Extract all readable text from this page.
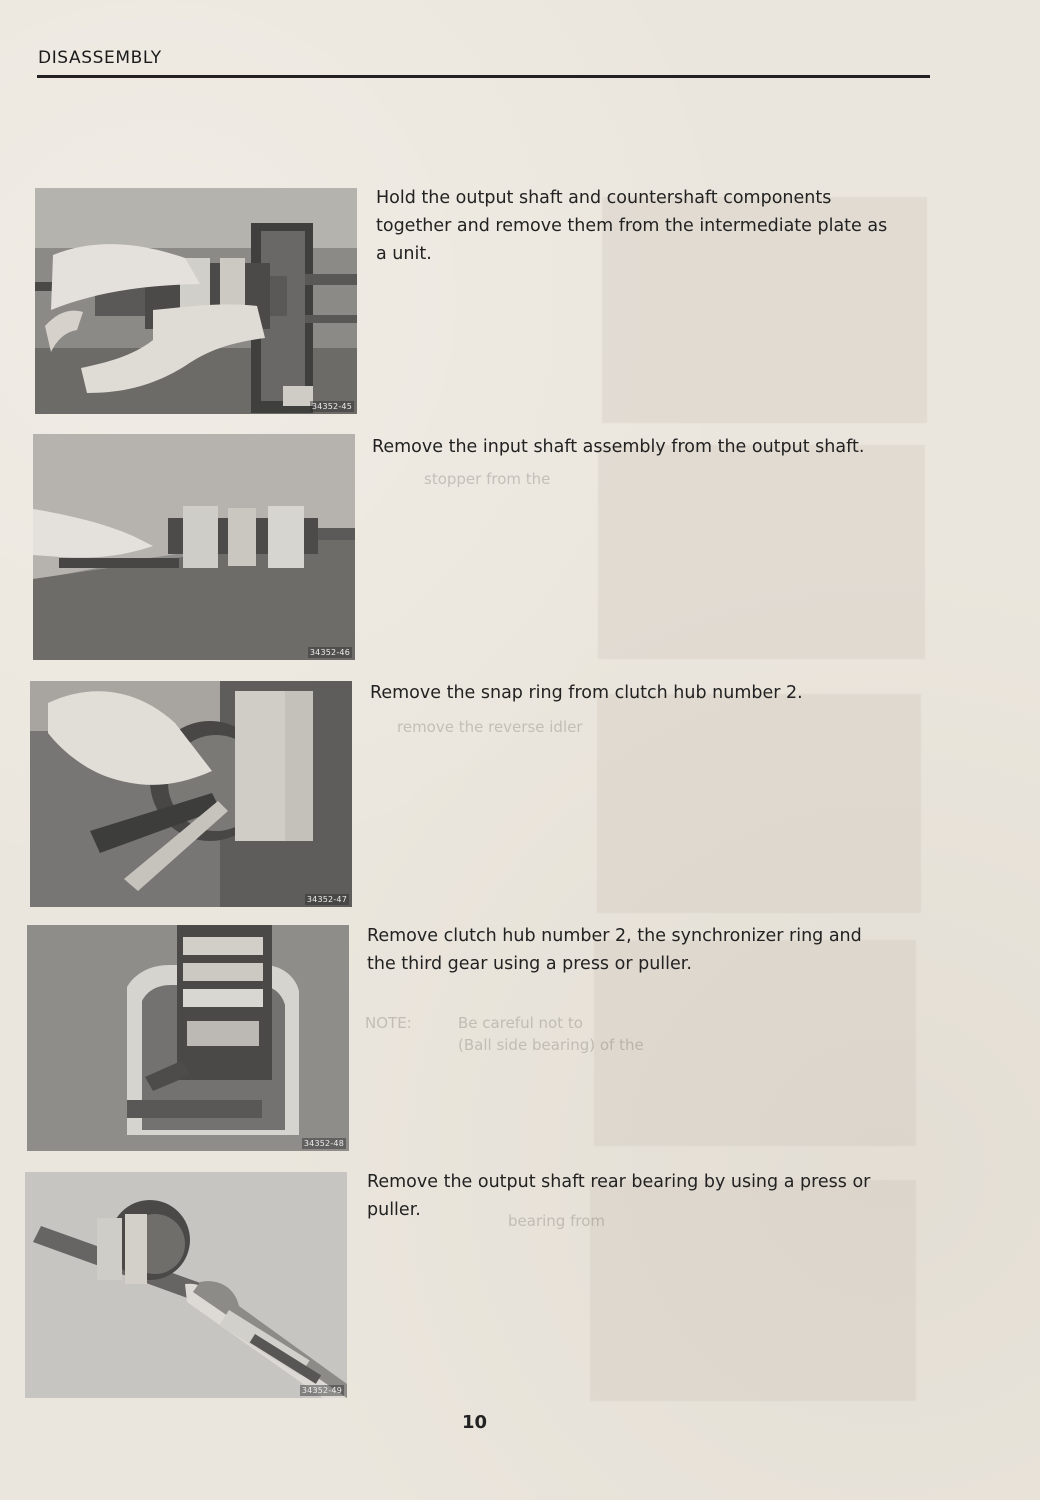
DISASSEMBLY
stopper from the
remove the reverse idler
NOTE:	Be careful not to
(Ball side bearing) of the
bearing from
34352-45
Hold the output shaft and countershaft components together and remove them from the intermediate plate as a unit.
34352-46
Remove the input shaft assembly from the output shaft.
34352-47
Remove the snap ring from clutch hub number 2.
34352-48
Remove clutch hub number 2, the synchronizer ring and the third gear using a press or puller.
34352-49
Remove the output shaft rear bearing by using a press or puller.
10
